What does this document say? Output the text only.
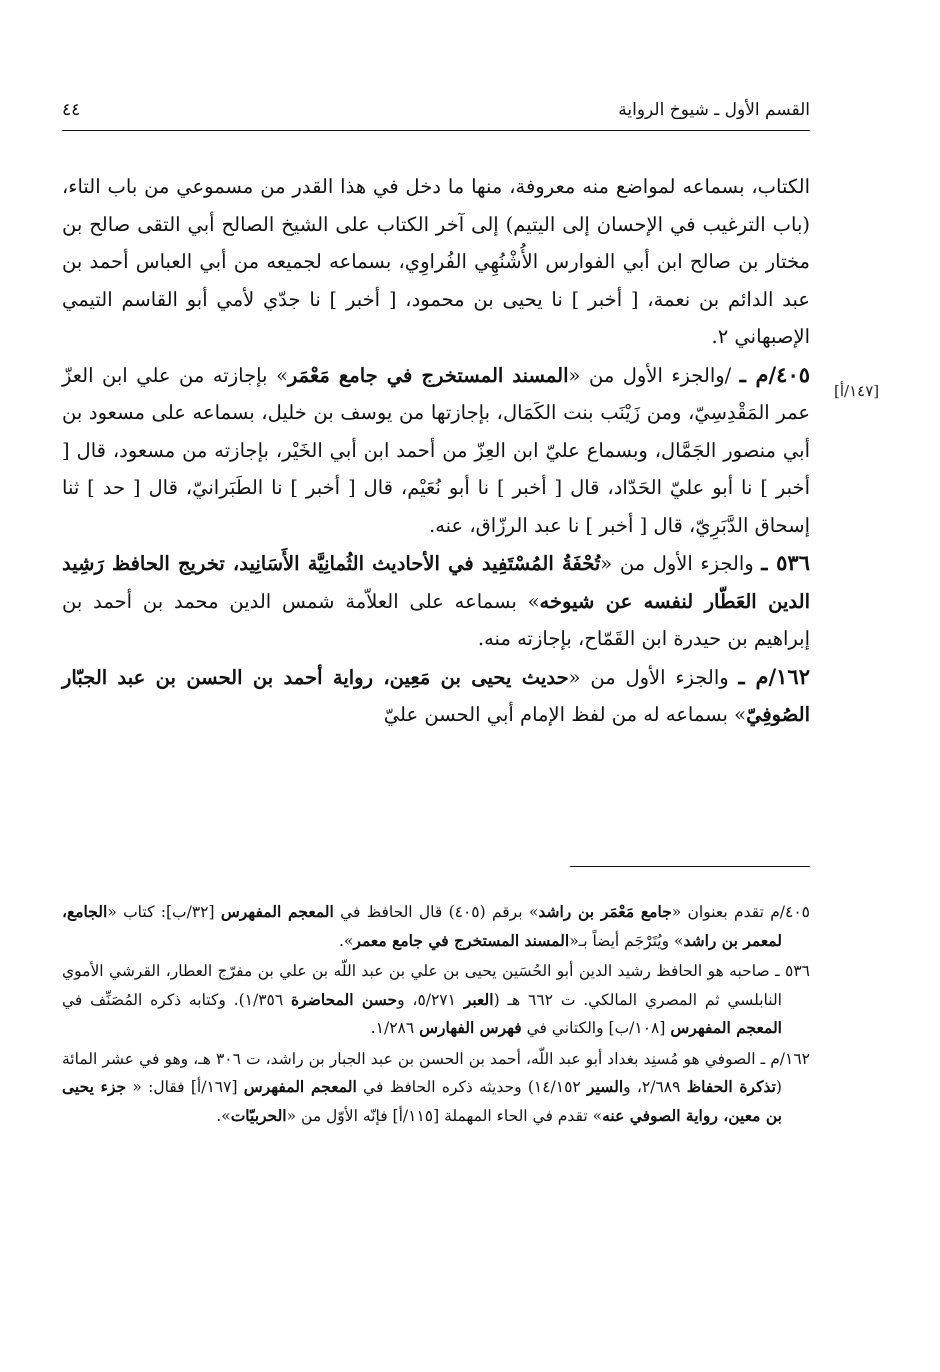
القسم الأول ـ شيوخ الرواية
٤٤

الكتاب، بسماعه لمواضع منه معروفة، منها ما دخل في هذا القدر من مسموعي من باب التاء، (باب الترغيب في الإحسان إلى اليتيم) إلى آخر الكتاب على الشيخ الصالح أبي التقى صالح بن مختار بن صالح ابن أبي الفوارس الأُشْنُهِي الفُراوِي، بسماعه لجميعه من أبي العباس أحمد بن عبد الدائم بن نعمة، [ أخبر ] نا يحيى بن محمود، [ أخبر ] نا جدّي لأمي أبو القاسم التيمي الإصبهاني ٢.

٤٠٥/م ـ /والجزء الأول من «المسند المستخرج في جامع مَعْمَر» بإجازته من علي ابن العزّ عمر المَقْدِسِيّ، ومن زَيْنَب بنت الكَمَال، بإجازتها من يوسف بن خليل، بسماعه على مسعود بن أبي منصور الجَمَّال، وبسماع عليّ ابن العِزّ من أحمد ابن أبي الخَيْر، بإجازته من مسعود، قال [ أخبر ] نا أبو عليّ الحَدّاد، قال [ أخبر ] نا أبو نُعَيْم، قال [ أخبر ] نا الطَبَرانيّ، قال [ حد ] ثنا إسحاق الدَّبَرِيّ، قال [ أخبر ] نا عبد الرزّاق، عنه.

٥٣٦ ـ والجزء الأول من «تُحْفَةُ المُسْتَفِيد في الأحاديث الثُمانِيَّة الأَسَانِيد، تخريج الحافظ رَشِيد الدين العَطّار لنفسه عن شيوخه» بسماعه على العلاّمة شمس الدين محمد بن أحمد بن إبراهيم بن حيدرة ابن القَمّاح، بإجازته منه.

١٦٢/م ـ والجزء الأول من «حديث يحيى بن مَعِين، رواية أحمد بن الحسن بن عبد الجبّار الصُوفِيّ» بسماعه له من لفظ الإمام أبي الحسن عليّ

[١٤٧/أ]

٤٠٥/م تقدم بعنوان «جامع مَعْمَر بن راشد» برقم (٤٠٥) قال الحافظ في المعجم المفهرس [٣٢/ب]: كتاب «الجامع، لمعمر بن راشد» ويُتَرْجَم أيضاً بـ«المسند المستخرج في جامع معمر».

٥٣٦ ـ صاحبه هو الحافظ رشيد الدين أبو الحُسَين يحيى بن علي بن عبد اللّه بن علي بن مفرّج العطار، القرشي الأموي النابلسي ثم المصري المالكي. ت ٦٦٢ هـ (العبر ٥/٢٧١، وحسن المحاضرة ١/٣٥٦). وكتابه ذكره المُصَنِّف في المعجم المفهرس [١٠٨/ب] والكتاني في فهرس الفهارس ١/٢٨٦.

١٦٢/م ـ الصوفي هو مُسنِد بغداد أبو عبد اللّه، أحمد بن الحسن بن عبد الجبار بن راشد، ت ٣٠٦ هـ، وهو في عشر المائة (تذكرة الحفاظ ٢/٦٨٩، والسير ١٤/١٥٢) وحديثه ذكره الحافظ في المعجم المفهرس [١٦٧/أ] فقال: « جزء يحيى بن معين، رواية الصوفي عنه» تقدم في الحاء المهملة [١١٥/أ] فإنّه الأوّل من «الحربيّات».
